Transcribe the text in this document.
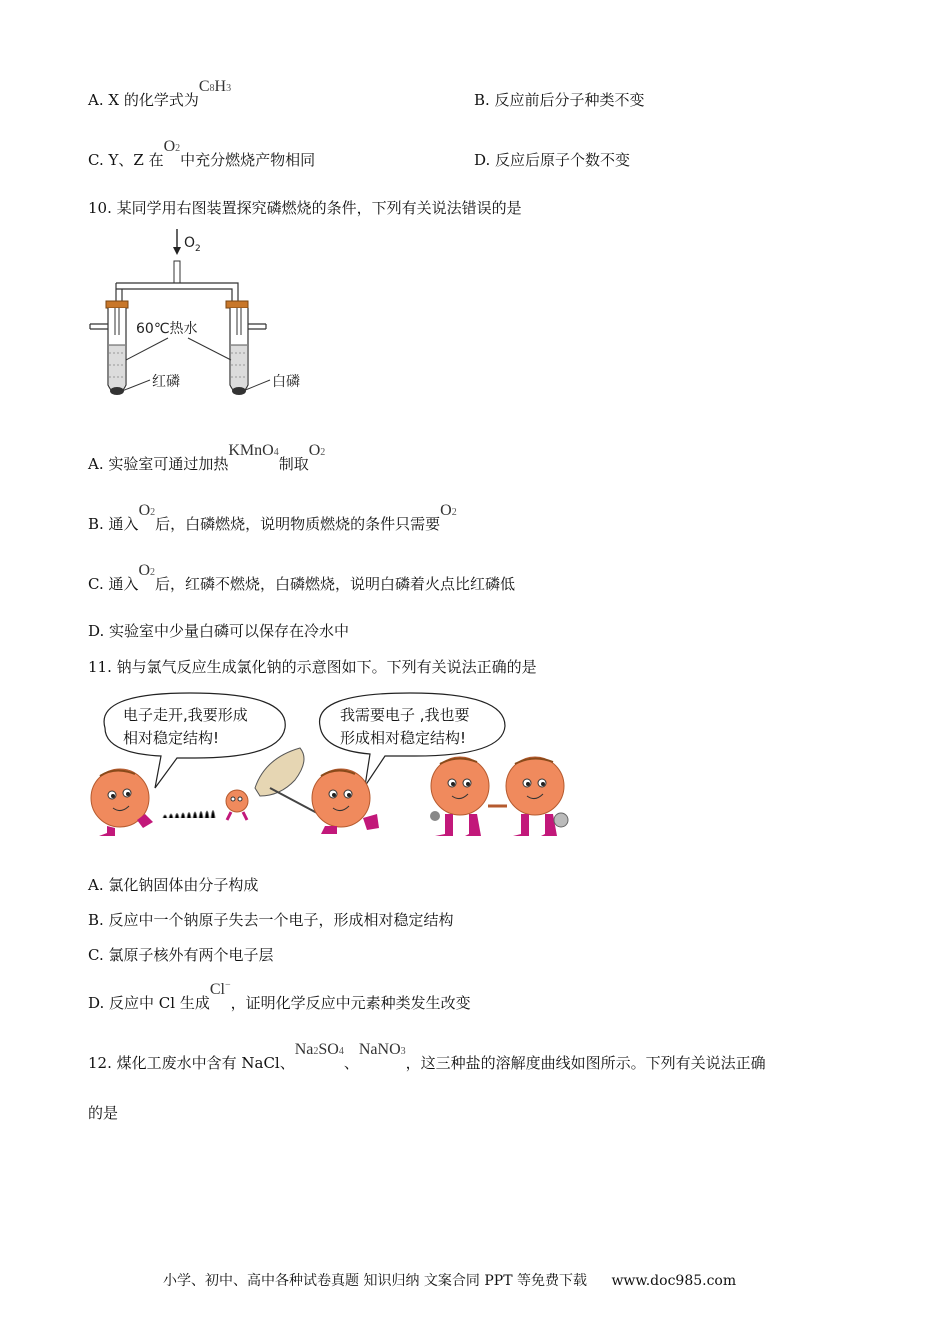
A. X 的化学式为C8H3
B. 反应前后分子种类不变
C. Y、Z 在O2中充分燃烧产物相同	D. 反应后原子个数不变
10. 某同学用右图装置探究磷燃烧的条件，下列有关说法错误的是
$O_2$
60℃热水
红磷	白磷
A. 实验室可通过加热KMnO4制取O2
B. 通入O2后，白磷燃烧，说明物质燃烧的条件只需要O2
C. 通入O2后，红磷不燃烧，白磷燃烧，说明白磷着火点比红磷低
D. 实验室中少量白磷可以保存在冷水中
11. 钠与氯气反应生成氯化钠的示意图如下。下列有关说法正确的是
电子走开,我要形成
相对稳定结构!
我需要电子 ,我也要
形成相对稳定结构!
A. 氯化钠固体由分子构成
B. 反应中一个钠原子失去一个电子，形成相对稳定结构
C. 氯原子核外有两个电子层
D. 反应中 Cl 生成Cl−，证明化学反应中元素种类发生改变
12. 煤化工废水中含有 NaCl、Na2SO4、NaNO3，这三种盐的溶解度曲线如图所示。下列有关说法正确
的是
小学、初中、高中各种试卷真题 知识归纳 文案合同 PPT 等免费下载 www.doc985.com
